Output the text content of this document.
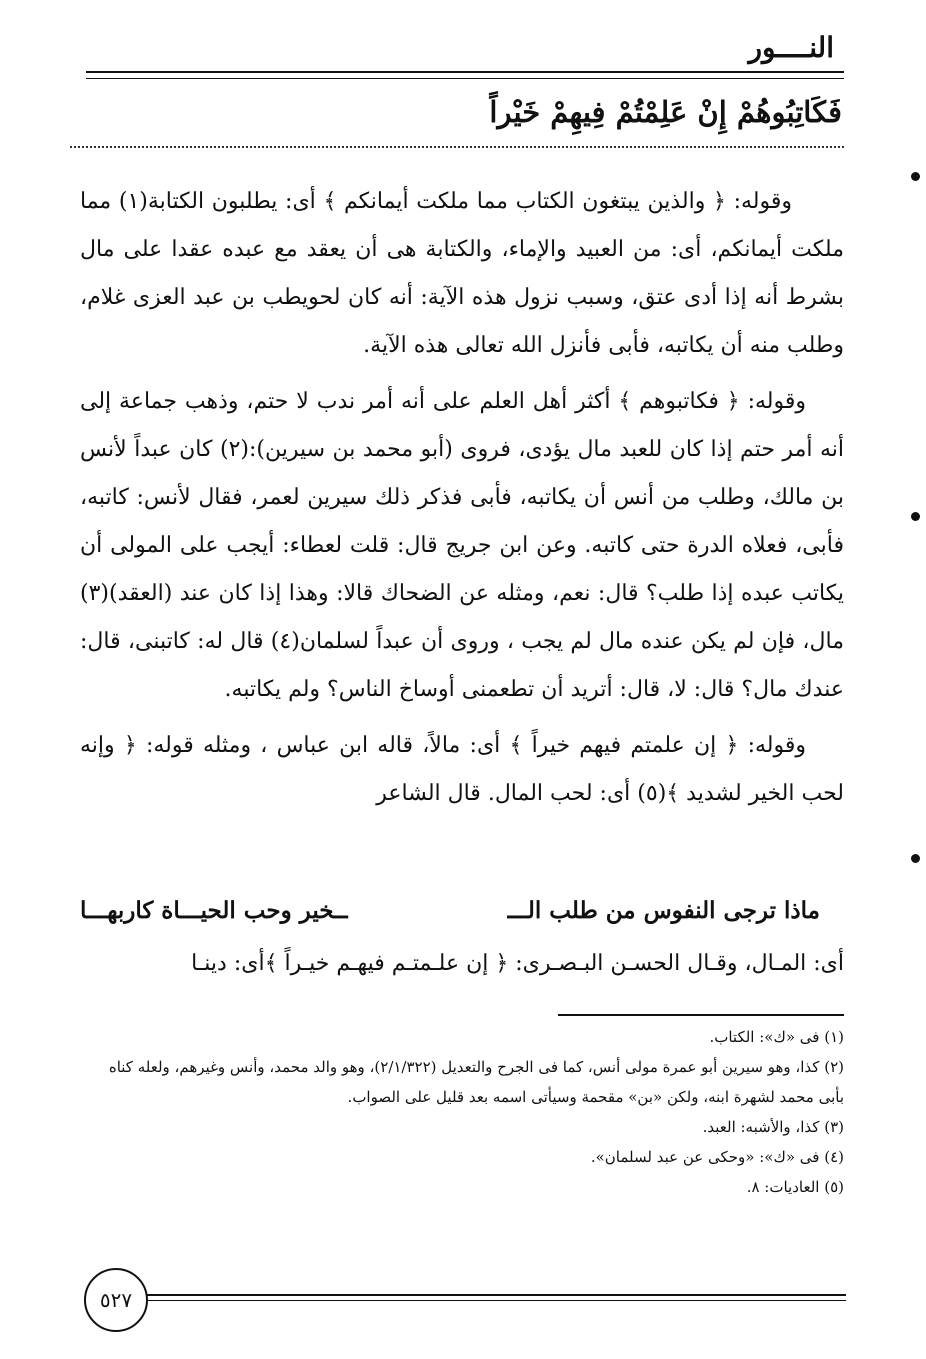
النــــور
فَكَاتِبُوهُمْ إِنْ عَلِمْتُمْ فِيهِمْ خَيْراً

وقوله: ﴿ والذين يبتغون الكتاب مما ملكت أيمانكم ﴾ أى: يطلبون الكتابة(١) مما ملكت أيمانكم، أى: من العبيد والإماء، والكتابة هى أن يعقد مع عبده عقدا على مال بشرط أنه إذا أدى عتق، وسبب نزول هذه الآية: أنه كان لحويطب بن عبد العزى غلام، وطلب منه أن يكاتبه، فأبى فأنزل الله تعالى هذه الآية.

وقوله: ﴿ فكاتبوهم ﴾ أكثر أهل العلم على أنه أمر ندب لا حتم، وذهب جماعة إلى أنه أمر حتم إذا كان للعبد مال يؤدى، فروى (أبو محمد بن سيرين):(٢) كان عبداً لأنس بن مالك، وطلب من أنس أن يكاتبه، فأبى فذكر ذلك سيرين لعمر، فقال لأنس: كاتبه، فأبى، فعلاه الدرة حتى كاتبه. وعن ابن جريج قال: قلت لعطاء: أيجب على المولى أن يكاتب عبده إذا طلب؟ قال: نعم، ومثله عن الضحاك قالا: وهذا إذا كان عند (العقد)(٣) مال، فإن لم يكن عنده مال لم يجب ، وروى أن عبداً لسلمان(٤) قال له: كاتبنى، قال: عندك مال؟ قال: لا، قال: أتريد أن تطعمنى أوساخ الناس؟ ولم يكاتبه.

وقوله: ﴿ إن علمتم فيهم خيراً ﴾ أى: مالاً، قاله ابن عباس ، ومثله قوله: ﴿ وإنه لحب الخير لشديد ﴾(٥) أى: لحب المال. قال الشاعر

ماذا ترجى النفوس من طلب الـــ
ــخير وحب الحيـــاة كاربهـــا
أى: المـال، وقـال الحسـن البـصـرى: ﴿ إن علـمتـم فيهـم خيـراً ﴾أى: دينـا
(١) فى «ك»: الكتاب.
(٢) كذا، وهو سيرين أبو عمرة مولى أنس، كما فى الجرح والتعديل (٢/١/٣٢٢)، وهو والد محمد، وأنس وغيرهم، ولعله كناه بأبى محمد لشهرة ابنه، ولكن «بن» مقحمة وسيأتى اسمه بعد قليل على الصواب.
(٣) كذا، والأشبه: العبد.
(٤) فى «ك»: «وحكى عن عبد لسلمان».
(٥) العاديات: ٨.
٥٢٧
